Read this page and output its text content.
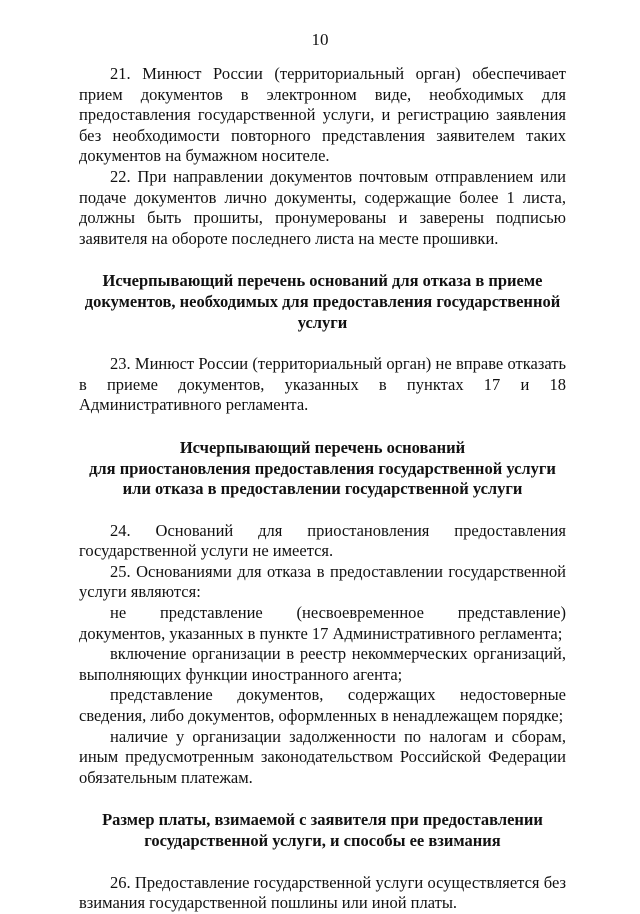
10

21. Минюст России (территориальный орган) обеспечивает прием документов в электронном виде, необходимых для предоставления государственной услуги, и регистрацию заявления без необходимости повторного представления заявителем таких документов на бумажном носителе.

22. При направлении документов почтовым отправлением или подаче документов лично документы, содержащие более 1 листа, должны быть прошиты, пронумерованы и заверены подписью заявителя на обороте последнего листа на месте прошивки.

Исчерпывающий перечень оснований для отказа в приеме
документов, необходимых для предоставления государственной услуги

23. Минюст России (территориальный орган) не вправе отказать в приеме документов, указанных в пунктах 17 и 18 Административного регламента.

Исчерпывающий перечень оснований
для приостановления предоставления государственной услуги
или отказа в предоставлении государственной услуги

24. Оснований для приостановления предоставления государственной услуги не имеется.

25. Основаниями для отказа в предоставлении государственной услуги являются:

не представление (несвоевременное представление) документов, указанных в пункте 17 Административного регламента;

включение организации в реестр некоммерческих организаций, выполняющих функции иностранного агента;

представление документов, содержащих недостоверные сведения, либо документов, оформленных в ненадлежащем порядке;

наличие у организации задолженности по налогам и сборам, иным предусмотренным законодательством Российской Федерации обязательным платежам.

Размер платы, взимаемой с заявителя при предоставлении
государственной услуги, и способы ее взимания

26. Предоставление государственной услуги осуществляется без взимания государственной пошлины или иной платы.
